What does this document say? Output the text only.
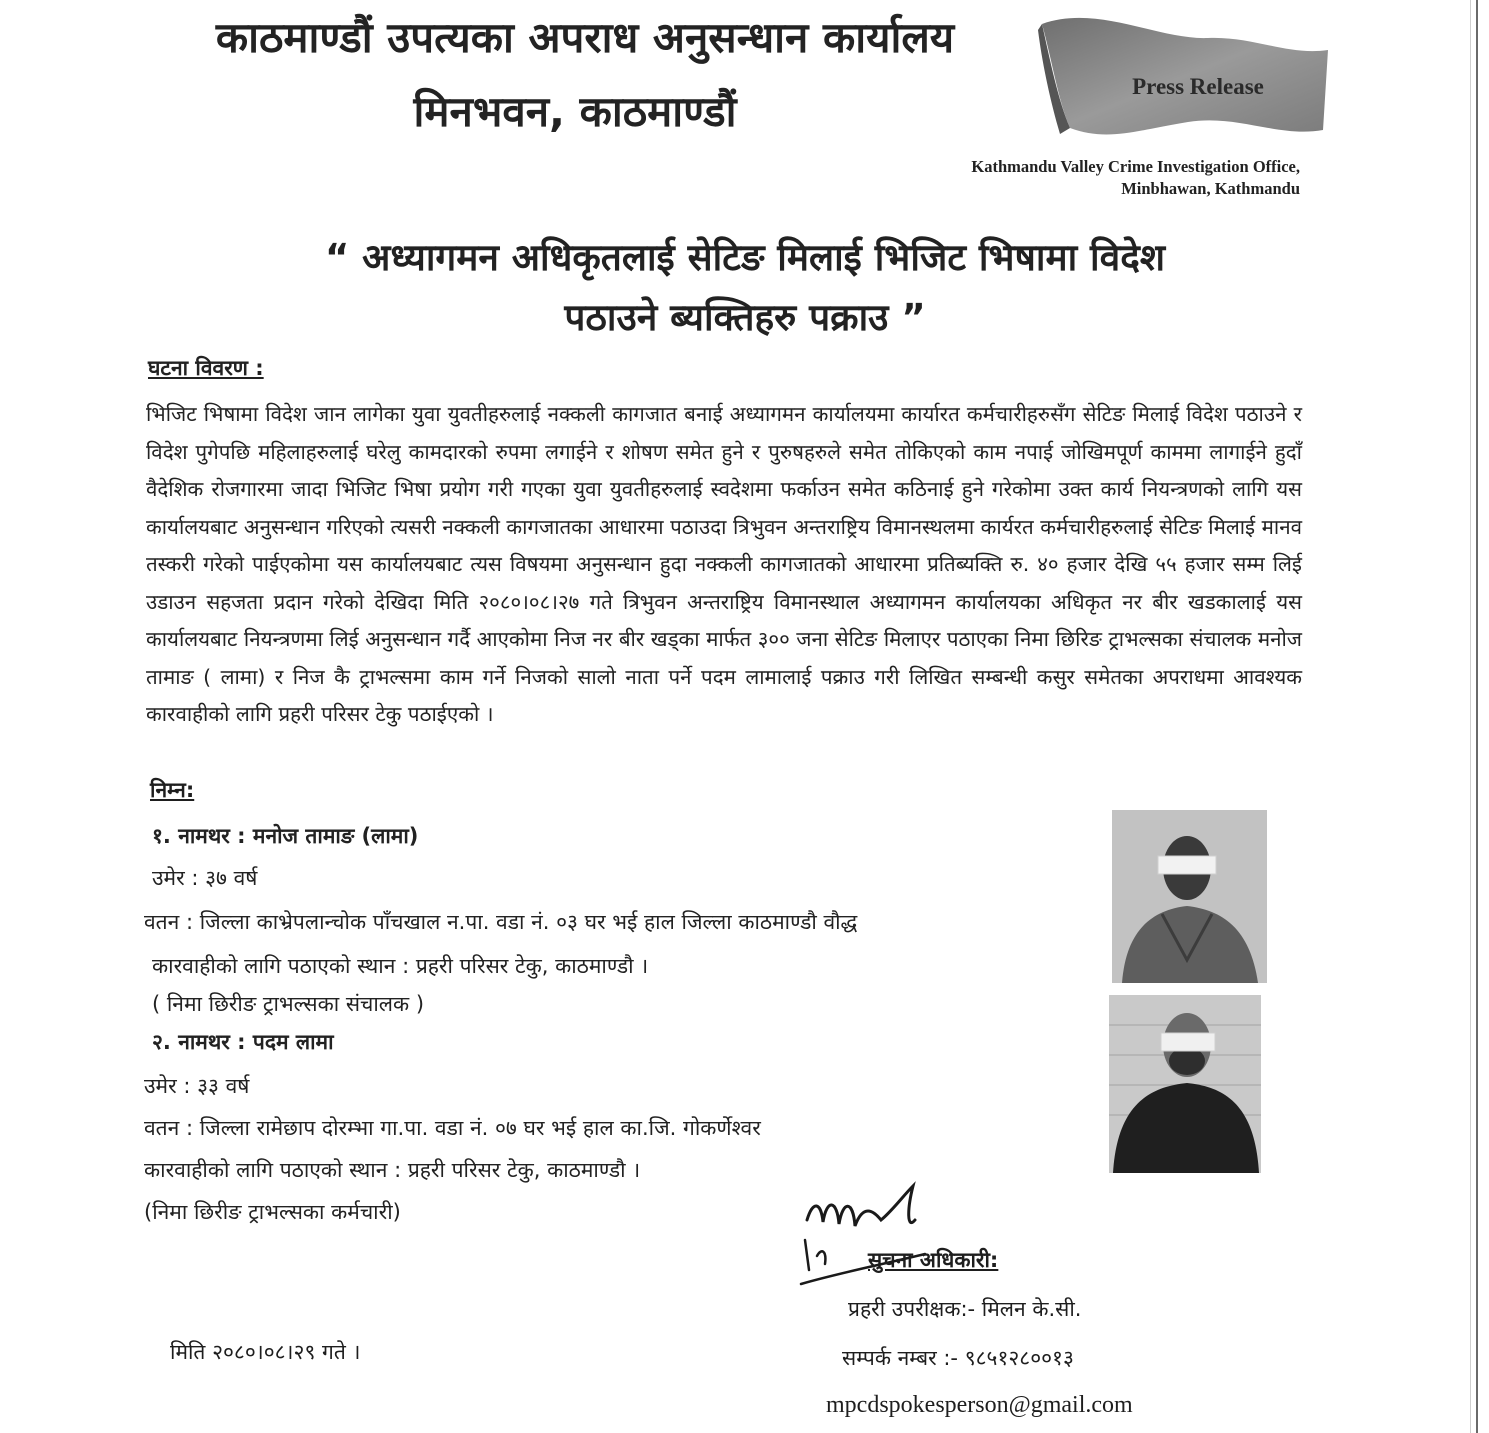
काठमाण्डौं उपत्यका अपराध अनुसन्धान कार्यालय
मिनभवन, काठमाण्डौं
Press Release
Kathmandu Valley Crime Investigation Office,
Minbhawan, Kathmandu
“ अध्यागमन अधिकृतलाई सेटिङ मिलाई भिजिट भिषामा विदेश
पठाउने ब्यक्तिहरु पक्राउ ”
घटना विवरण :
भिजिट भिषामा विदेश जान लागेका युवा युवतीहरुलाई नक्कली कागजात बनाई अध्यागमन कार्यालयमा कार्यारत कर्मचारीहरुसँग सेटिङ मिलाई विदेश पठाउने र विदेश पुगेपछि महिलाहरुलाई घरेलु कामदारको रुपमा लगाईने र शोषण समेत हुने र पुरुषहरुले समेत तोकिएको काम नपाई जोखिमपूर्ण काममा लागाईने हुदाँ वैदेशिक रोजगारमा जादा भिजिट भिषा प्रयोग गरी गएका युवा युवतीहरुलाई स्वदेशमा फर्काउन समेत कठिनाई हुने गरेकोमा उक्त कार्य नियन्त्रणको लागि यस कार्यालयबाट अनुसन्धान गरिएको त्यसरी नक्कली कागजातका आधारमा पठाउदा त्रिभुवन अन्तराष्ट्रिय विमानस्थलमा कार्यरत कर्मचारीहरुलाई सेटिङ मिलाई मानव तस्करी गरेको पाईएकोमा यस कार्यालयबाट त्यस विषयमा अनुसन्धान हुदा नक्कली कागजातको आधारमा प्रतिब्यक्ति रु. ४० हजार देखि ५५ हजार सम्म लिई उडाउन सहजता प्रदान गरेको देखिदा मिति २०८०।०८।२७ गते त्रिभुवन अन्तराष्ट्रिय विमानस्थाल अध्यागमन कार्यालयका अधिकृत नर बीर खडकालाई यस कार्यालयबाट नियन्त्रणमा लिई अनुसन्धान गर्दै आएकोमा निज नर बीर खड्का मार्फत ३०० जना सेटिङ मिलाएर पठाएका निमा छिरिङ ट्राभल्सका संचालक मनोज तामाङ ( लामा) र निज कै ट्राभल्समा काम गर्ने निजको सालो नाता पर्ने पदम लामालाई पक्राउ गरी लिखित सम्बन्धी कसुर समेतका अपराधमा आवश्यक कारवाहीको लागि प्रहरी परिसर टेकु पठाईएको ।
निम्न:
१. नामथर : मनोज तामाङ (लामा)
उमेर : ३७ वर्ष
वतन : जिल्ला काभ्रेपलान्चोक पाँचखाल न.पा. वडा नं. ०३ घर भई हाल जिल्ला काठमाण्डौ वौद्ध
कारवाहीको लागि पठाएको स्थान : प्रहरी परिसर टेकु, काठमाण्डौ ।
( निमा छिरीङ ट्राभल्सका संचालक )
२. नामथर : पदम लामा
उमेर : ३३ वर्ष
वतन : जिल्ला रामेछाप दोरम्भा गा.पा. वडा नं. ०७ घर भई हाल का.जि. गोकर्णेश्वर
कारवाहीको लागि पठाएको स्थान : प्रहरी परिसर टेकु, काठमाण्डौ ।
(निमा छिरीङ ट्राभल्सका कर्मचारी)
सुचना अधिकारी:
प्रहरी उपरीक्षक:- मिलन के.सी.
सम्पर्क नम्बर :- ९८५१२८००१३
mpcdspokesperson@gmail.com
मिति २०८०।०८।२९ गते ।
